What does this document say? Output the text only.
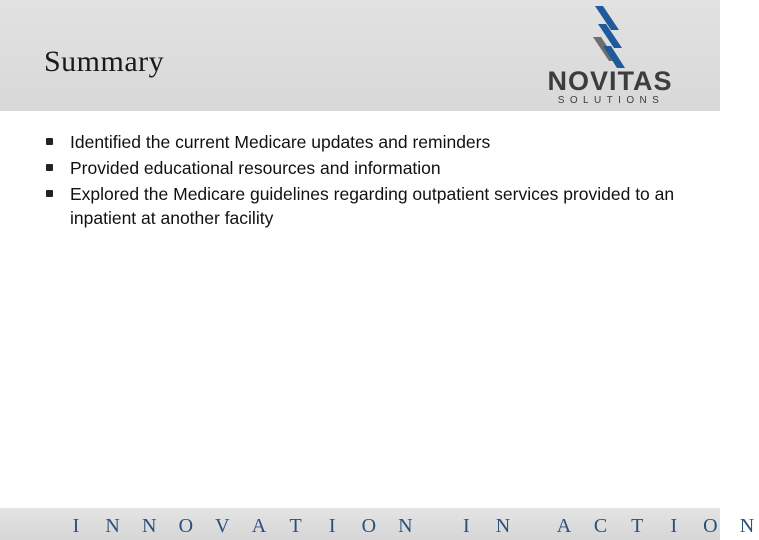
Summary
NOVITAS
SOLUTIONS
Identified the current Medicare updates and reminders
Provided educational resources and information
Explored the Medicare guidelines regarding outpatient services provided to an inpatient at another facility
I	N N O V A T	I	O N	I	N A C T	I	O N
